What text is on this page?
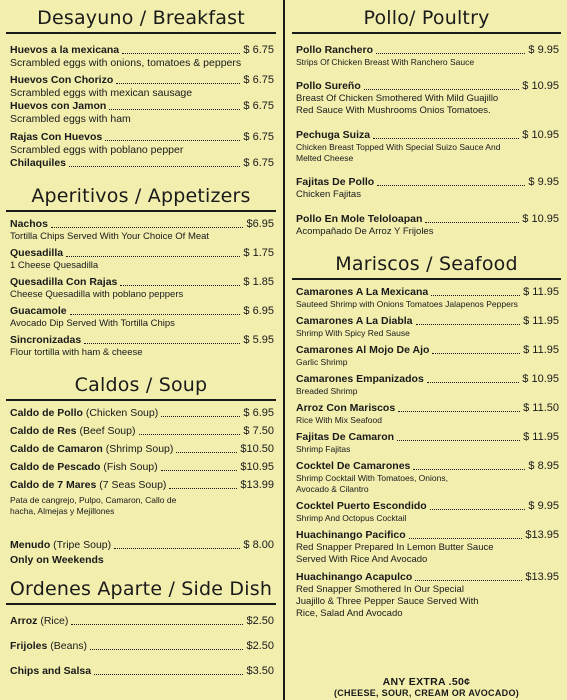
Desayuno / Breakfast
Huevos a la mexicana	$ 6.75
Scrambled eggs with onions, tomatoes & peppers
Huevos Con Chorizo	$ 6.75
Scrambled eggs with mexican sausage
Huevos con Jamon	$ 6.75
Scrambled eggs with ham
Rajas Con Huevos	$ 6.75
Scrambled eggs with poblano pepper
Chilaquiles	$ 6.75
Aperitivos / Appetizers
Nachos	$6.95
Tortilla Chips Served With Your Choice Of Meat
Quesadilla	$ 1.75
1 Cheese Quesadilla
Quesadilla Con Rajas	$ 1.85
Cheese Quesadilla with poblano peppers
Guacamole	$ 6.95
Avocado Dip Served With Tortilla Chips
Sincronizadas	$ 5.95
Flour tortilla with ham & cheese
Caldos / Soup
Caldo de Pollo (Chicken Soup)	$ 6.95
Caldo de Res (Beef Soup)	$ 7.50
Caldo de Camaron (Shrimp Soup)	$10.50
Caldo de Pescado (Fish Soup)	$10.95
Caldo de 7 Mares (7 Seas Soup)	$13.99
Pata de cangrejo, Pulpo, Camaron, Callo de hacha, Almejas y Mejillones
Menudo (Tripe Soup)	$ 8.00
Only on Weekends
Ordenes Aparte / Side Dish
Arroz (Rice)	$2.50
Frijoles (Beans)	$2.50
Chips and Salsa	$3.50
Pollo/ Poultry
Pollo Ranchero	$ 9.95
Strips Of Chicken Breast With Ranchero Sauce
Pollo Sureño	$ 10.95
Breast Of Chicken Smothered With Mild Guajillo Red Sauce With Mushrooms Onios Tomatoes.
Pechuga Suiza	$ 10.95
Chicken Breast Topped With Special Suizo Sauce And Melted Cheese
Fajitas De Pollo	$ 9.95
Chicken Fajitas
Pollo En Mole Teloloapan	$ 10.95
Acompañado De Arroz Y Frijoles
Mariscos / Seafood
Camarones A La Mexicana	$ 11.95
Sauteed Shrimp with Onions Tomatoes Jalapenos Peppers
Camarones A La Diabla	$ 11.95
Shrimp With Spicy Red Sause
Camarones Al Mojo De Ajo	$ 11.95
Garlic Shrimp
Camarones Empanizados	$ 10.95
Breaded Shrimp
Arroz Con Mariscos	$ 11.50
Rice With Mix Seafood
Fajitas De Camaron	$ 11.95
Shrimp Fajitas
Cocktel De Camarones	$ 8.95
Shrimp Cocktail With Tomatoes, Onions, Avocado & Cilantro
Cocktel Puerto Escondido	$ 9.95
Shrimp And Octopus Cocktail
Huachinango Pacifico	$13.95
Red Snapper Prepared In Lemon Butter Sauce Served With Rice And Avocado
Huachinango Acapulco	$13.95
Red Snapper Smothered In Our Special Juajillo & Three Pepper Sauce Served With Rice, Salad And Avocado
ANY EXTRA .50¢
(CHEESE, SOUR, CREAM OR AVOCADO)
